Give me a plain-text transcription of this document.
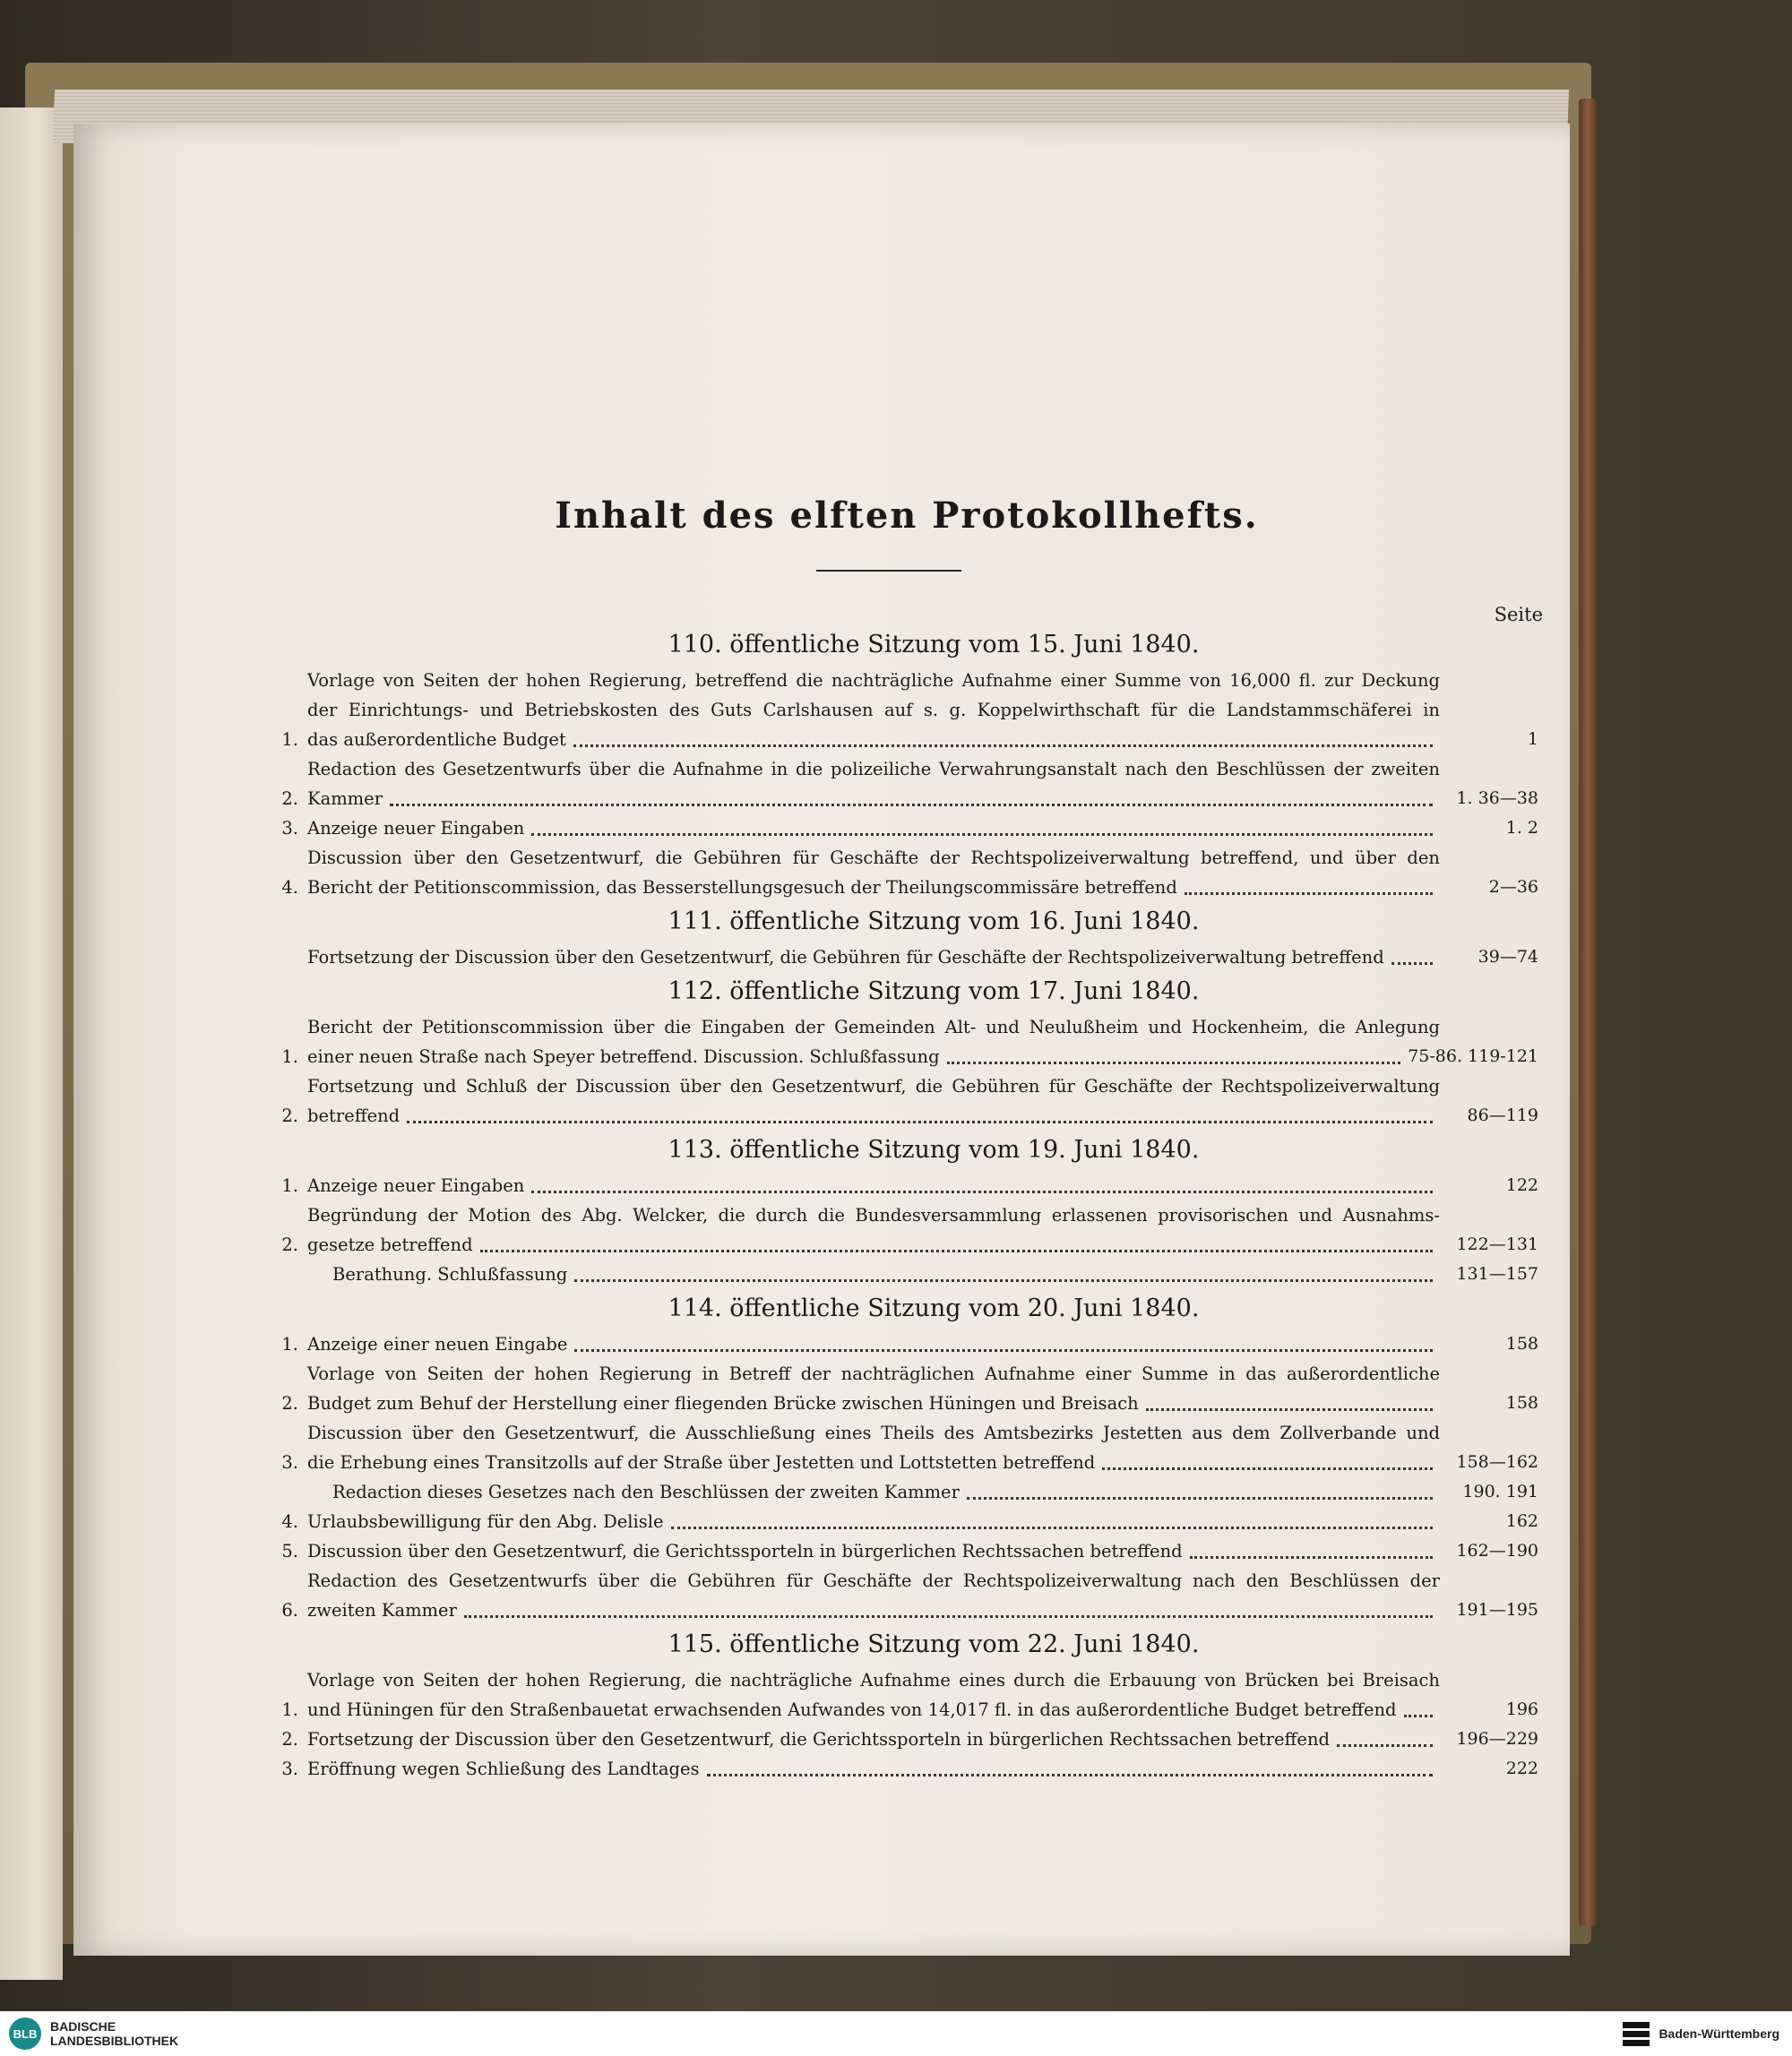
Inhalt des elften Protokollhefts.
Seite
110. öffentliche Sitzung vom 15. Juni 1840.
1.
Vorlage von Seiten der hohen Regierung, betreffend die nachträgliche Aufnahme einer Summe von 16,000 fl. zur Deckung
der Einrichtungs- und Betriebskosten des Guts Carlshausen auf s. g. Koppelwirthschaft für die Landstammschäferei in
das außerordentliche Budget	1
2.
Redaction des Gesetzentwurfs über die Aufnahme in die polizeiliche Verwahrungsanstalt nach den Beschlüssen der zweiten
Kammer	1. 36—38
3. Anzeige neuer Eingaben	1. 2
4.
Discussion über den Gesetzentwurf, die Gebühren für Geschäfte der Rechtspolizeiverwaltung betreffend, und über den
Bericht der Petitionscommission, das Besserstellungsgesuch der Theilungscommissäre betreffend	2—36
111. öffentliche Sitzung vom 16. Juni 1840.
Fortsetzung der Discussion über den Gesetzentwurf, die Gebühren für Geschäfte der Rechtspolizeiverwaltung betreffend	39—74
112. öffentliche Sitzung vom 17. Juni 1840.
1.
Bericht der Petitionscommission über die Eingaben der Gemeinden Alt- und Neulußheim und Hockenheim, die Anlegung
einer neuen Straße nach Speyer betreffend. Discussion. Schlußfassung	75-86. 119-121
2.
Fortsetzung und Schluß der Discussion über den Gesetzentwurf, die Gebühren für Geschäfte der Rechtspolizeiverwaltung
betreffend	86—119
113. öffentliche Sitzung vom 19. Juni 1840.
1. Anzeige neuer Eingaben	122
2.
Begründung der Motion des Abg. Welcker, die durch die Bundesversammlung erlassenen provisorischen und Ausnahms-
gesetze betreffend	122—131
Berathung. Schlußfassung	131—157
114. öffentliche Sitzung vom 20. Juni 1840.
1. Anzeige einer neuen Eingabe	158
2.
Vorlage von Seiten der hohen Regierung in Betreff der nachträglichen Aufnahme einer Summe in das außerordentliche
Budget zum Behuf der Herstellung einer fliegenden Brücke zwischen Hüningen und Breisach	158
3.
Discussion über den Gesetzentwurf, die Ausschließung eines Theils des Amtsbezirks Jestetten aus dem Zollverbande und
die Erhebung eines Transitzolls auf der Straße über Jestetten und Lottstetten betreffend	158—162
Redaction dieses Gesetzes nach den Beschlüssen der zweiten Kammer	190. 191
4. Urlaubsbewilligung für den Abg. Delisle	162
5. Discussion über den Gesetzentwurf, die Gerichtssporteln in bürgerlichen Rechtssachen betreffend	162—190
6.
Redaction des Gesetzentwurfs über die Gebühren für Geschäfte der Rechtspolizeiverwaltung nach den Beschlüssen der
zweiten Kammer	191—195
115. öffentliche Sitzung vom 22. Juni 1840.
1.
Vorlage von Seiten der hohen Regierung, die nachträgliche Aufnahme eines durch die Erbauung von Brücken bei Breisach
und Hüningen für den Straßenbauetat erwachsenden Aufwandes von 14,017 fl. in das außerordentliche Budget betreffend	196
2. Fortsetzung der Discussion über den Gesetzentwurf, die Gerichtssporteln in bürgerlichen Rechtssachen betreffend	196—229
3. Eröffnung wegen Schließung des Landtages	222
BLB	BADISCHE
LANDESBIBLIOTHEK	Baden-Württemberg
